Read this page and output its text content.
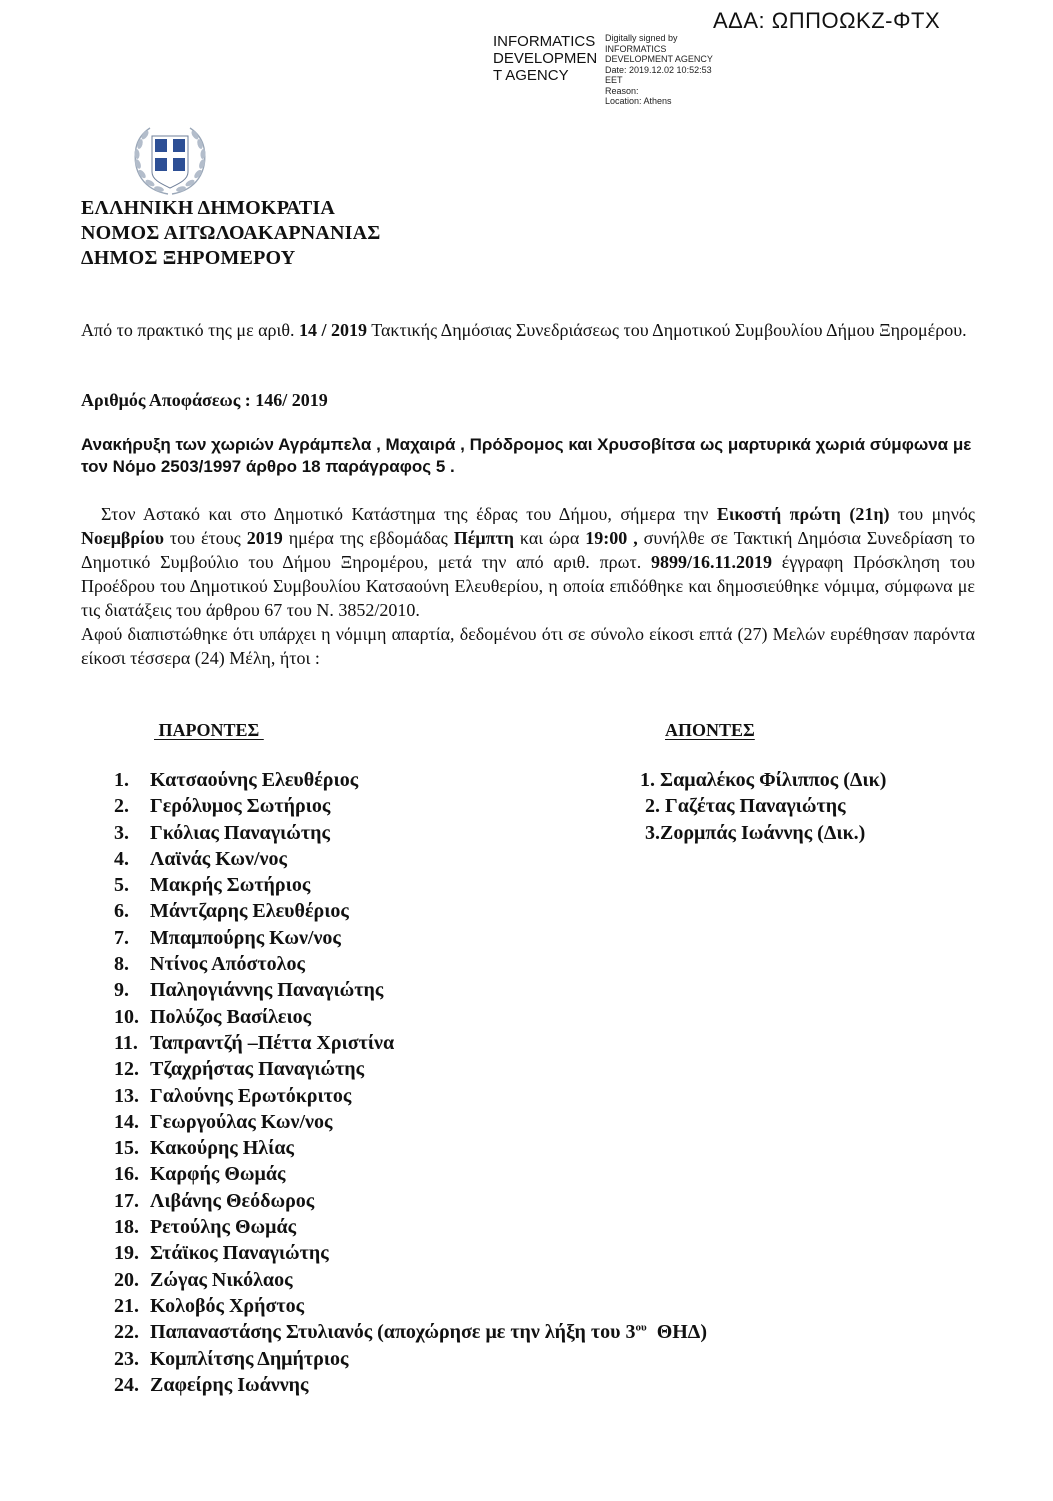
ΑΔΑ: ΩΠΠΟΩΚΖ-ΦΤΧ
INFORMATICS
DEVELOPMEN
T AGENCY
Digitally signed by
INFORMATICS
DEVELOPMENT AGENCY
Date: 2019.12.02 10:52:53
EET
Reason:
Location: Athens
ΕΛΛΗΝΙΚΗ ΔΗΜΟΚΡΑΤΙΑ
ΝΟΜΟΣ ΑΙΤΩΛΟΑΚΑΡΝΑΝΙΑΣ
ΔΗΜΟΣ ΞΗΡΟΜΕΡΟΥ
Από το πρακτικό της με αριθ. 14 / 2019 Τακτικής Δημόσιας Συνεδριάσεως του Δημοτικού Συμβουλίου Δήμου Ξηρομέρου.
Αριθμός Αποφάσεως : 146/ 2019
Ανακήρυξη των χωριών Αγράμπελα , Μαχαιρά , Πρόδρομος και Χρυσοβίτσα ως μαρτυρικά χωριά σύμφωνα με τον Νόμο 2503/1997 άρθρο 18 παράγραφος 5 .

Στον Αστακό και στο Δημοτικό Κατάστημα της έδρας του Δήμου, σήμερα την Εικοστή πρώτη (21η) του μηνός Νοεμβρίου του έτους 2019 ημέρα της εβδομάδας Πέμπτη και ώρα 19:00 , συνήλθε σε Τακτική Δημόσια Συνεδρίαση το Δημοτικό Συμβούλιο του Δήμου Ξηρομέρου, μετά την από αριθ. πρωτ. 9899/16.11.2019 έγγραφη Πρόσκληση του Προέδρου του Δημοτικού Συμβουλίου Κατσαούνη Ελευθερίου, η οποία επιδόθηκε και δημοσιεύθηκε νόμιμα, σύμφωνα με τις διατάξεις του άρθρου 67 του Ν. 3852/2010.

Αφού διαπιστώθηκε ότι υπάρχει η νόμιμη απαρτία, δεδομένου ότι σε σύνολο είκοσι επτά (27) Μελών ευρέθησαν παρόντα είκοσι τέσσερα (24) Μέλη, ήτοι :

ΠΑΡΟΝΤΕΣ	ΑΠΟΝΤΕΣ
1.	Κατσαούνης Ελευθέριος
2.	Γερόλυμος Σωτήριος
3.	Γκόλιας Παναγιώτης
4.	Λαϊνάς Κων/νος
5.	Μακρής Σωτήριος
6.	Μάντζαρης Ελευθέριος
7.	Μπαμπούρης Κων/νος
8.	Ντίνος Απόστολος
9.	Παληογιάννης Παναγιώτης
10. Πολύζος Βασίλειος
11. Ταπραντζή –Πέττα Χριστίνα
12. Τζαχρήστας Παναγιώτης
13. Γαλούνης Ερωτόκριτος
14. Γεωργούλας Κων/νος
15. Κακούρης Ηλίας
16. Καρφής Θωμάς
17. Λιβάνης Θεόδωρος
18. Ρετούλης Θωμάς
19. Στάϊκος Παναγιώτης
20. Ζώγας Νικόλαος
21. Κολοβός Χρήστος
22. Παπαναστάσης Στυλιανός (αποχώρησε με την λήξη του $3^{o\upsilon}$  ΘΗΔ)
23. Κομπλίτσης Δημήτριος
24. Ζαφείρης Ιωάννης
1. Σαμαλέκος Φίλιππος (Δικ)
2. Γαζέτας Παναγιώτης
3.Ζορμπάς Ιωάννης (Δικ.)
